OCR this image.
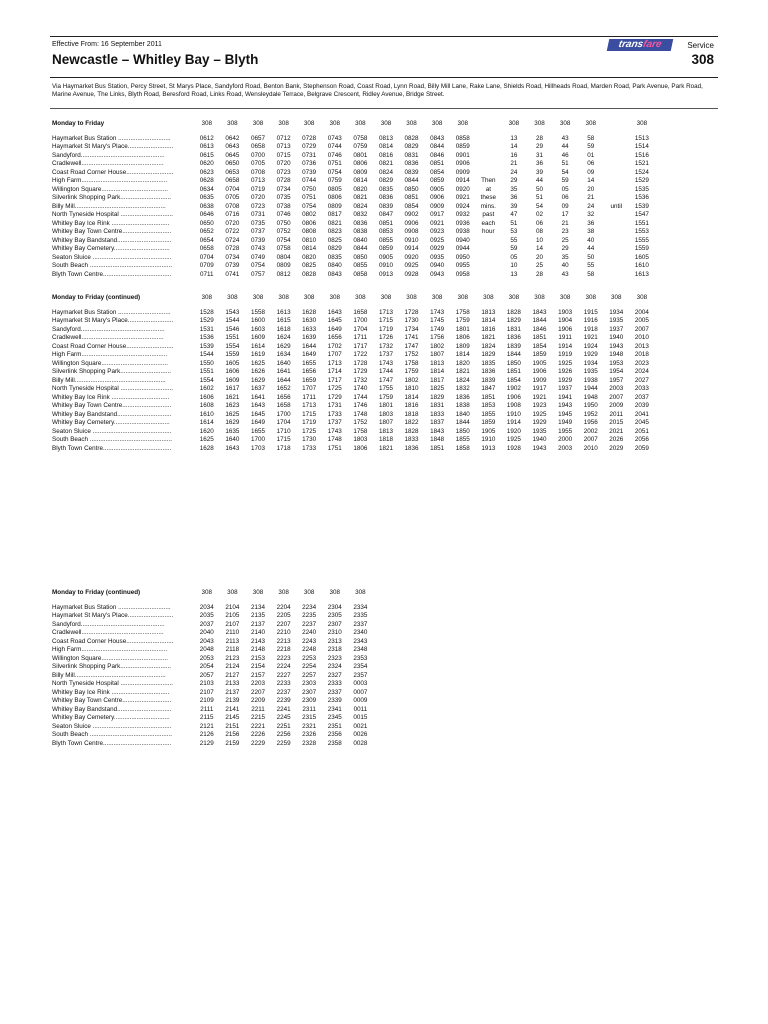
Effective From: 16 September 2011	transfare	Service
Newcastle – Whitley Bay – Blyth	308
Via Haymarket Bus Station, Percy Street, St Marys Place, Sandyford Road, Benton Bank, Stephenson Road, Coast Road, Lynn Road, Billy Mill Lane, Rake Lane, Shields Road, Hillheads Road, Marden Road, Park Avenue, Park Road, Marine Avenue, The Links, Blyth Road, Beresford Road, Links Road, Wensleydale Terrace, Belgrave Crescent, Ridley Avenue, Bridge Street.
Monday to Friday	308	308	308	308	308	308	308	308	308	308	308		308	308	308	308		308

Haymarket Bus Station ..............................	0612	0642	0657	0712	0728	0743	0758	0813	0828	0843	0858		13	28	43	58		1513
Haymarket St Mary's Place..........................	0613	0643	0658	0713	0729	0744	0759	0814	0829	0844	0859		14	29	44	59		1514
Sandyford................................................	0615	0645	0700	0715	0731	0746	0801	0816	0831	0846	0901		16	31	46	01		1516
Cradlewell...............................................	0620	0650	0705	0720	0736	0751	0806	0821	0836	0851	0906		21	36	51	06		1521
Coast Road Corner House...........................	0623	0653	0708	0723	0739	0754	0809	0824	0839	0854	0909		24	39	54	09		1524
High Farm.................................................	0628	0658	0713	0728	0744	0759	0814	0829	0844	0859	0914	Then	29	44	59	14		1529
Willington Square......................................	0634	0704	0719	0734	0750	0805	0820	0835	0850	0905	0920	at	35	50	05	20		1535
Silverlink Shopping Park.............................	0635	0705	0720	0735	0751	0806	0821	0836	0851	0906	0921	these	36	51	06	21		1536
Billy Mill....................................................	0638	0708	0723	0738	0754	0809	0824	0839	0854	0909	0924	mins.	39	54	09	24	until	1539
North Tyneside Hospital ..............................	0646	0716	0731	0746	0802	0817	0832	0847	0902	0917	0932	past	47	02	17	32		1547
Whitley Bay Ice Rink .................................	0650	0720	0735	0750	0806	0821	0836	0851	0906	0921	0936	each	51	06	21	36		1551
Whitley Bay Town Centre............................	0652	0722	0737	0752	0808	0823	0838	0853	0908	0923	0938	hour	53	08	23	38		1553
Whitley Bay Bandstand...............................	0654	0724	0739	0754	0810	0825	0840	0855	0910	0925	0940		55	10	25	40		1555
Whitley Bay Cemetery................................	0658	0728	0743	0758	0814	0829	0844	0859	0914	0929	0944		59	14	29	44		1559
Seaton Sluice .............................................	0704	0734	0749	0804	0820	0835	0850	0905	0920	0935	0950		05	20	35	50		1605
South Beach ...............................................	0709	0739	0754	0809	0825	0840	0855	0910	0925	0940	0955		10	25	40	55		1610
Blyth Town Centre.......................................	0711	0741	0757	0812	0828	0843	0858	0913	0928	0943	0958		13	28	43	58		1613
Monday to Friday (continued)	308	308	308	308	308	308	308	308	308	308	308	308	308	308	308	308	308	308

Haymarket Bus Station ..............................	1528	1543	1558	1613	1628	1643	1658	1713	1728	1743	1758	1813	1828	1843	1903	1915	1934	2004
Haymarket St Mary's Place..........................	1529	1544	1600	1615	1630	1645	1700	1715	1730	1745	1759	1814	1829	1844	1904	1916	1935	2005
Sandyford................................................	1531	1546	1603	1618	1633	1649	1704	1719	1734	1749	1801	1816	1831	1846	1906	1918	1937	2007
Cradlewell...............................................	1536	1551	1609	1624	1639	1656	1711	1726	1741	1756	1806	1821	1836	1851	1911	1921	1940	2010
Coast Road Corner House...........................	1539	1554	1614	1629	1644	1702	1717	1732	1747	1802	1809	1824	1839	1854	1914	1924	1943	2013
High Farm.................................................	1544	1559	1619	1634	1649	1707	1722	1737	1752	1807	1814	1829	1844	1859	1919	1929	1948	2018
Willington Square......................................	1550	1605	1625	1640	1655	1713	1728	1743	1758	1813	1820	1835	1850	1905	1925	1934	1953	2023
Silverlink Shopping Park.............................	1551	1606	1626	1641	1656	1714	1729	1744	1759	1814	1821	1836	1851	1906	1926	1935	1954	2024
Billy Mill....................................................	1554	1609	1629	1644	1659	1717	1732	1747	1802	1817	1824	1839	1854	1909	1929	1938	1957	2027
North Tyneside Hospital ..............................	1602	1617	1637	1652	1707	1725	1740	1755	1810	1825	1832	1847	1902	1917	1937	1944	2003	2033
Whitley Bay Ice Rink .................................	1606	1621	1641	1656	1711	1729	1744	1759	1814	1829	1836	1851	1906	1921	1941	1948	2007	2037
Whitley Bay Town Centre............................	1608	1623	1643	1658	1713	1731	1746	1801	1816	1831	1838	1853	1908	1923	1943	1950	2009	2039
Whitley Bay Bandstand...............................	1610	1625	1645	1700	1715	1733	1748	1803	1818	1833	1840	1855	1910	1925	1945	1952	2011	2041
Whitley Bay Cemetery................................	1614	1629	1649	1704	1719	1737	1752	1807	1822	1837	1844	1859	1914	1929	1949	1956	2015	2045
Seaton Sluice .............................................	1620	1635	1655	1710	1725	1743	1758	1813	1828	1843	1850	1905	1920	1935	1955	2002	2021	2051
South Beach ...............................................	1625	1640	1700	1715	1730	1748	1803	1818	1833	1848	1855	1910	1925	1940	2000	2007	2026	2056
Blyth Town Centre.......................................	1628	1643	1703	1718	1733	1751	1806	1821	1836	1851	1858	1913	1928	1943	2003	2010	2029	2059
Monday to Friday (continued)	308	308	308	308	308	308	308

Haymarket Bus Station ..............................	2034	2104	2134	2204	2234	2304	2334
Haymarket St Mary's Place..........................	2035	2105	2135	2205	2235	2305	2335
Sandyford................................................	2037	2107	2137	2207	2237	2307	2337
Cradlewell...............................................	2040	2110	2140	2210	2240	2310	2340
Coast Road Corner House...........................	2043	2113	2143	2213	2243	2313	2343
High Farm.................................................	2048	2118	2148	2218	2248	2318	2348
Willington Square......................................	2053	2123	2153	2223	2253	2323	2353
Silverlink Shopping Park.............................	2054	2124	2154	2224	2254	2324	2354
Billy Mill....................................................	2057	2127	2157	2227	2257	2327	2357
North Tyneside Hospital ..............................	2103	2133	2203	2233	2303	2333	0003
Whitley Bay Ice Rink .................................	2107	2137	2207	2237	2307	2337	0007
Whitley Bay Town Centre............................	2109	2139	2209	2239	2309	2339	0009
Whitley Bay Bandstand...............................	2111	2141	2211	2241	2311	2341	0011
Whitley Bay Cemetery................................	2115	2145	2215	2245	2315	2345	0015
Seaton Sluice .............................................	2121	2151	2221	2251	2321	2351	0021
South Beach ...............................................	2126	2156	2226	2256	2326	2356	0026
Blyth Town Centre.......................................	2129	2159	2229	2259	2328	2358	0028
